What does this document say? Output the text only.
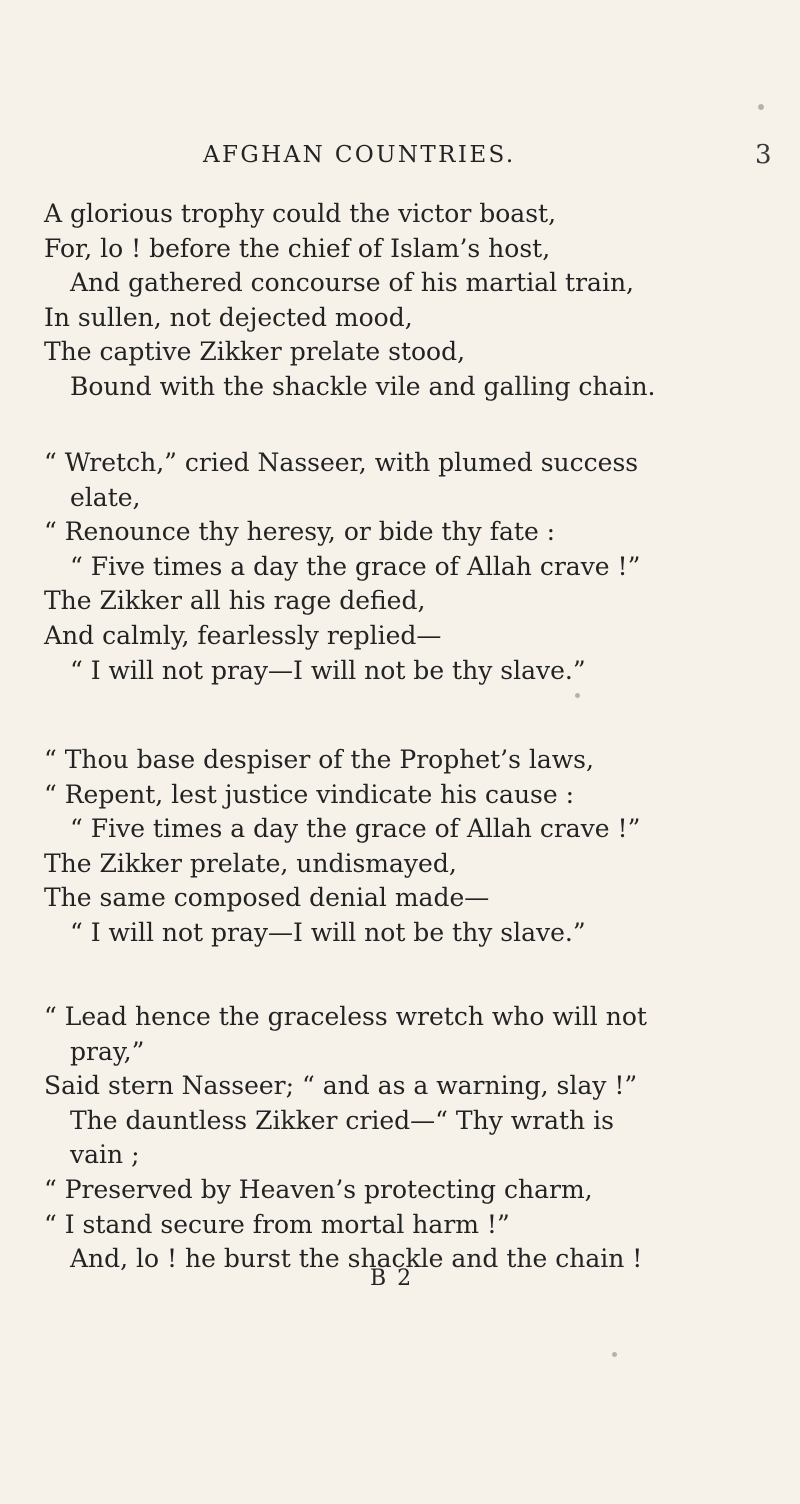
AFGHAN COUNTRIES.	3
A glorious trophy could the victor boast,
For, lo ! before the chief of Islam’s host,
And gathered concourse of his martial train,
In sullen, not dejected mood,
The captive Zikker prelate stood,
Bound with the shackle vile and galling chain.
“ Wretch,” cried Nasseer, with plumed success
elate,
“ Renounce thy heresy, or bide thy fate :
“ Five times a day the grace of Allah crave !”
The Zikker all his rage defied,
And calmly, fearlessly replied—
“ I will not pray—I will not be thy slave.”
“ Thou base despiser of the Prophet’s laws,
“ Repent, lest justice vindicate his cause :
“ Five times a day the grace of Allah crave !”
The Zikker prelate, undismayed,
The same composed denial made—
“ I will not pray—I will not be thy slave.”
“ Lead hence the graceless wretch who will not
pray,”
Said stern Nasseer; “ and as a warning, slay !”
The dauntless Zikker cried—“ Thy wrath is
vain ;
“ Preserved by Heaven’s protecting charm,
“ I stand secure from mortal harm !”
And, lo ! he burst the shackle and the chain !
B 2
